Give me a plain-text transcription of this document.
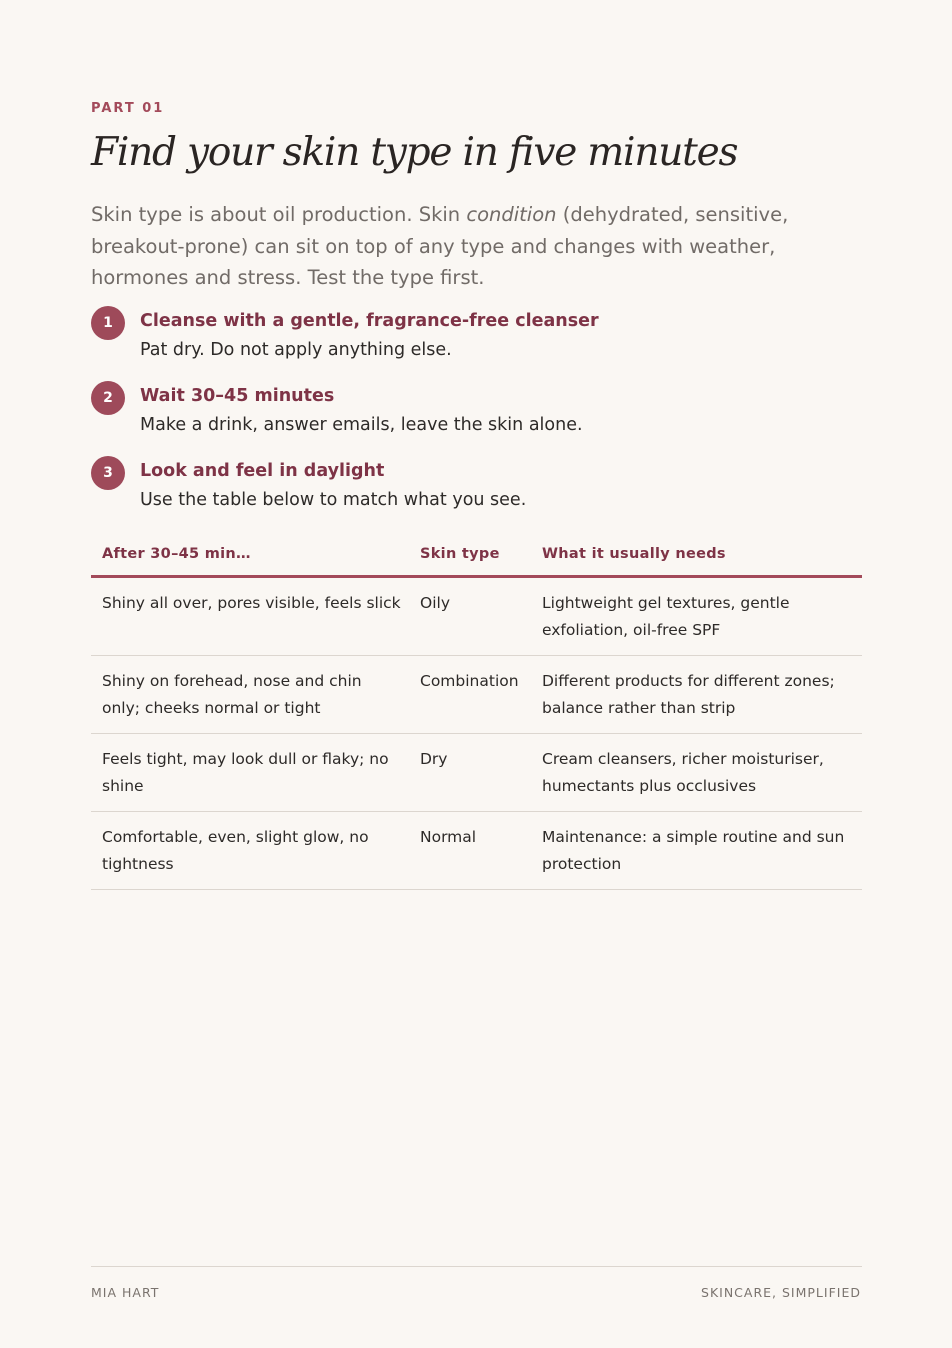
PART 01
Find your skin type in five minutes

Skin type is about oil production. Skin condition (dehydrated, sensitive, breakout-prone) can sit on top of any type and changes with weather, hormones and stress. Test the type first.

1	Cleanse with a gentle, fragrance-free cleanser
Pat dry. Do not apply anything else.
2	Wait 30–45 minutes
Make a drink, answer emails, leave the skin alone.
3	Look and feel in daylight
Use the table below to match what you see.
After 30–45 min…	Skin type	What it usually needs
Shiny all over, pores visible, feels slick	Oily	Lightweight gel textures, gentle exfoliation, oil-free SPF
Shiny on forehead, nose and chin only; cheeks normal or tight	Combination	Different products for different zones; balance rather than strip
Feels tight, may look dull or flaky; no shine	Dry	Cream cleansers, richer moisturiser, humectants plus occlusives
Comfortable, even, slight glow, no tightness	Normal	Maintenance: a simple routine and sun protection
MIA HART	SKINCARE, SIMPLIFIED
